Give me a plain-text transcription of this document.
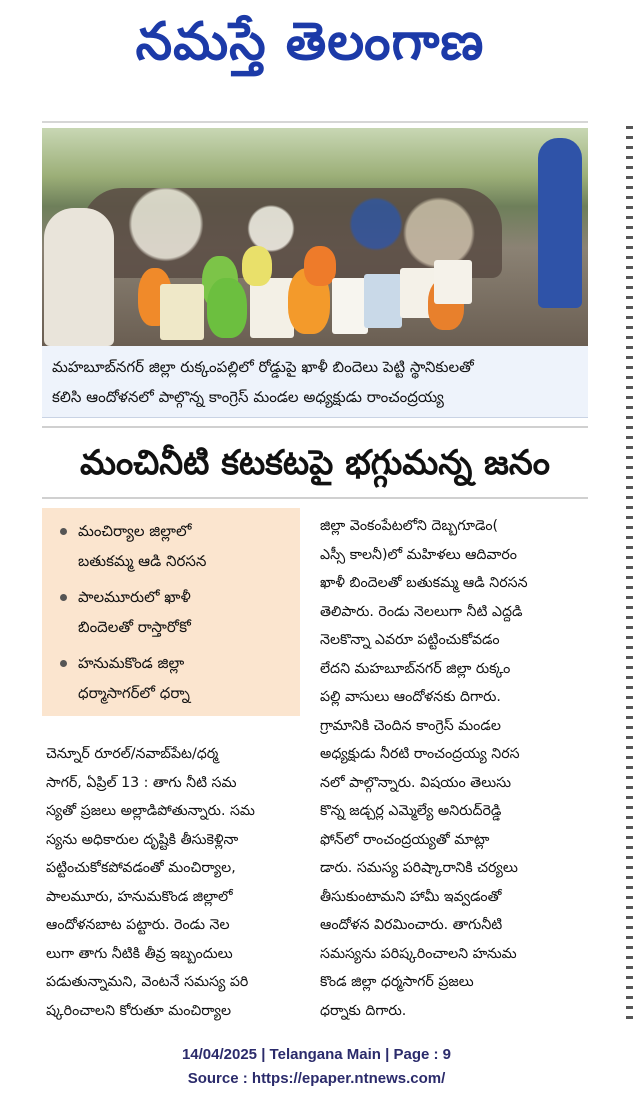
నమస్తే తెలంగాణ
మహబూబ్‌నగర్ జిల్లా రుక్కంపల్లిలో రోడ్డుపై ఖాళీ బిందెలు పెట్టి స్థానికులతో
కలిసి ఆందోళనలో పాల్గొన్న కాంగ్రెస్ మండల అధ్యక్షుడు రాంచంద్రయ్య
మంచినీటి కటకటపై భగ్గుమన్న జనం
మంచిర్యాల జిల్లాలో
బతుకమ్మ ఆడి నిరసన
పాలమూరులో ఖాళీ
బిందెలతో రాస్తారోకో
హనుమకొండ జిల్లా
ధర్మాసాగర్‌లో ధర్నా
చెన్నూర్ రూరల్/నవాబ్‌పేట/ధర్మ
సాగర్, ఏప్రిల్ 13 : తాగు నీటి సమ
స్యతో ప్రజలు అల్లాడిపోతున్నారు. సమ
స్యను అధికారుల దృష్టికి తీసుకెళ్లినా
పట్టించుకోకపోవడంతో మంచిర్యాల,
పాలమూరు, హనుమకొండ జిల్లాలో
ఆందోళనబాట పట్టారు. రెండు నెల
లుగా తాగు నీటికి తీవ్ర ఇబ్బందులు
పడుతున్నామని, వెంటనే సమస్య పరి
ష్కరించాలని కోరుతూ మంచిర్యాల
జిల్లా వెంకంపేటలోని దెబ్బగూడెం(
ఎస్సీ కాలనీ)లో మహిళలు ఆదివారం
ఖాళీ బిందెలతో బతుకమ్మ ఆడి నిరసన
తెలిపారు. రెండు నెలలుగా నీటి ఎద్దడి
నెలకొన్నా ఎవరూ పట్టించుకోవడం
లేదని మహబూబ్‌నగర్ జిల్లా రుక్కం
పల్లి వాసులు ఆందోళనకు దిగారు.
గ్రామానికి చెందిన కాంగ్రెస్ మండల
అధ్యక్షుడు నీరటి రాంచంద్రయ్య నిరస
నలో పాల్గొన్నారు. విషయం తెలుసు
కొన్న జడ్చర్ల ఎమ్మెల్యే అనిరుద్‌రెడ్డి
ఫోన్‌లో రాంచంద్రయ్యతో మాట్లా
డారు. సమస్య పరిష్కారానికి చర్యలు
తీసుకుంటామని హామీ ఇవ్వడంతో
ఆందోళన విరమించారు. తాగునీటి
సమస్యను పరిష్కరించాలని హనుమ
కొండ జిల్లా ధర్మసాగర్ ప్రజలు
ధర్నాకు దిగారు.
14/04/2025 | Telangana Main | Page : 9
Source : https://epaper.ntnews.com/
